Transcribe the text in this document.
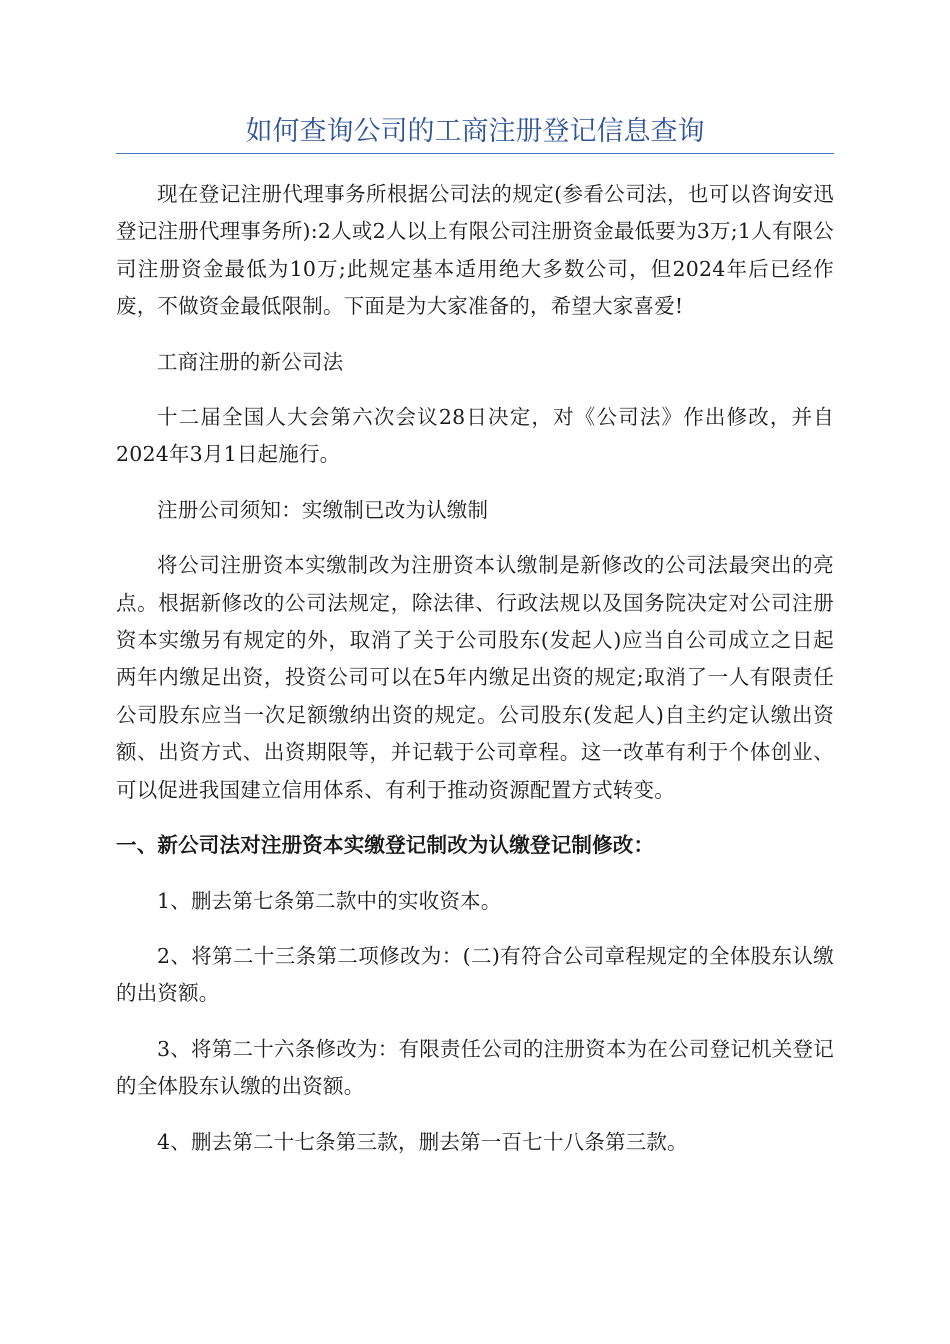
如何查询公司的工商注册登记信息查询

现在登记注册代理事务所根据公司法的规定(参看公司法，也可以咨询安迅登记注册代理事务所):2人或2人以上有限公司注册资金最低要为3万;1人有限公司注册资金最低为10万;此规定基本适用绝大多数公司，但2024年后已经作废，不做资金最低限制。下面是为大家准备的，希望大家喜爱!

工商注册的新公司法

十二届全国人大会第六次会议28日决定，对《公司法》作出修改，并自2024年3月1日起施行。

注册公司须知：实缴制已改为认缴制

将公司注册资本实缴制改为注册资本认缴制是新修改的公司法最突出的亮点。根据新修改的公司法规定，除法律、行政法规以及国务院决定对公司注册资本实缴另有规定的外，取消了关于公司股东(发起人)应当自公司成立之日起两年内缴足出资，投资公司可以在5年内缴足出资的规定;取消了一人有限责任公司股东应当一次足额缴纳出资的规定。公司股东(发起人)自主约定认缴出资额、出资方式、出资期限等，并记载于公司章程。这一改革有利于个体创业、可以促进我国建立信用体系、有利于推动资源配置方式转变。

一、新公司法对注册资本实缴登记制改为认缴登记制修改：

1、删去第七条第二款中的实收资本。

2、将第二十三条第二项修改为：(二)有符合公司章程规定的全体股东认缴的出资额。

3、将第二十六条修改为：有限责任公司的注册资本为在公司登记机关登记的全体股东认缴的出资额。

4、删去第二十七条第三款，删去第一百七十八条第三款。
